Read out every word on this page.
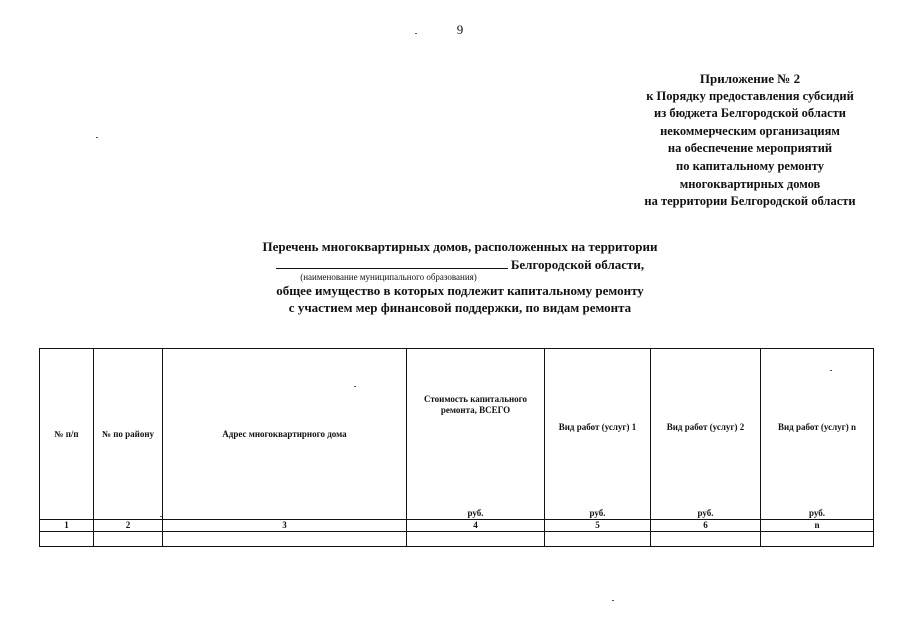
9
Приложение № 2
к Порядку предоставления субсидий
из бюджета Белгородской области
некоммерческим организациям
на обеспечение мероприятий
по капитальному ремонту
многоквартирных домов
на территории Белгородской области
Перечень многоквартирных домов, расположенных на территории
Белгородской области,
(наименование муниципального образования)
общее имущество в которых подлежит капитальному ремонту
с участием мер финансовой поддержки, по видам ремонта
№ п/п	№ по району	Адрес многоквартирного дома	Стоимость капитального ремонта, ВСЕГО	Вид работ (услуг) 1	Вид работ (услуг) 2	Вид работ (услуг) n
			руб.	руб.	руб.	руб.
1	2	3	4	5	6	n
